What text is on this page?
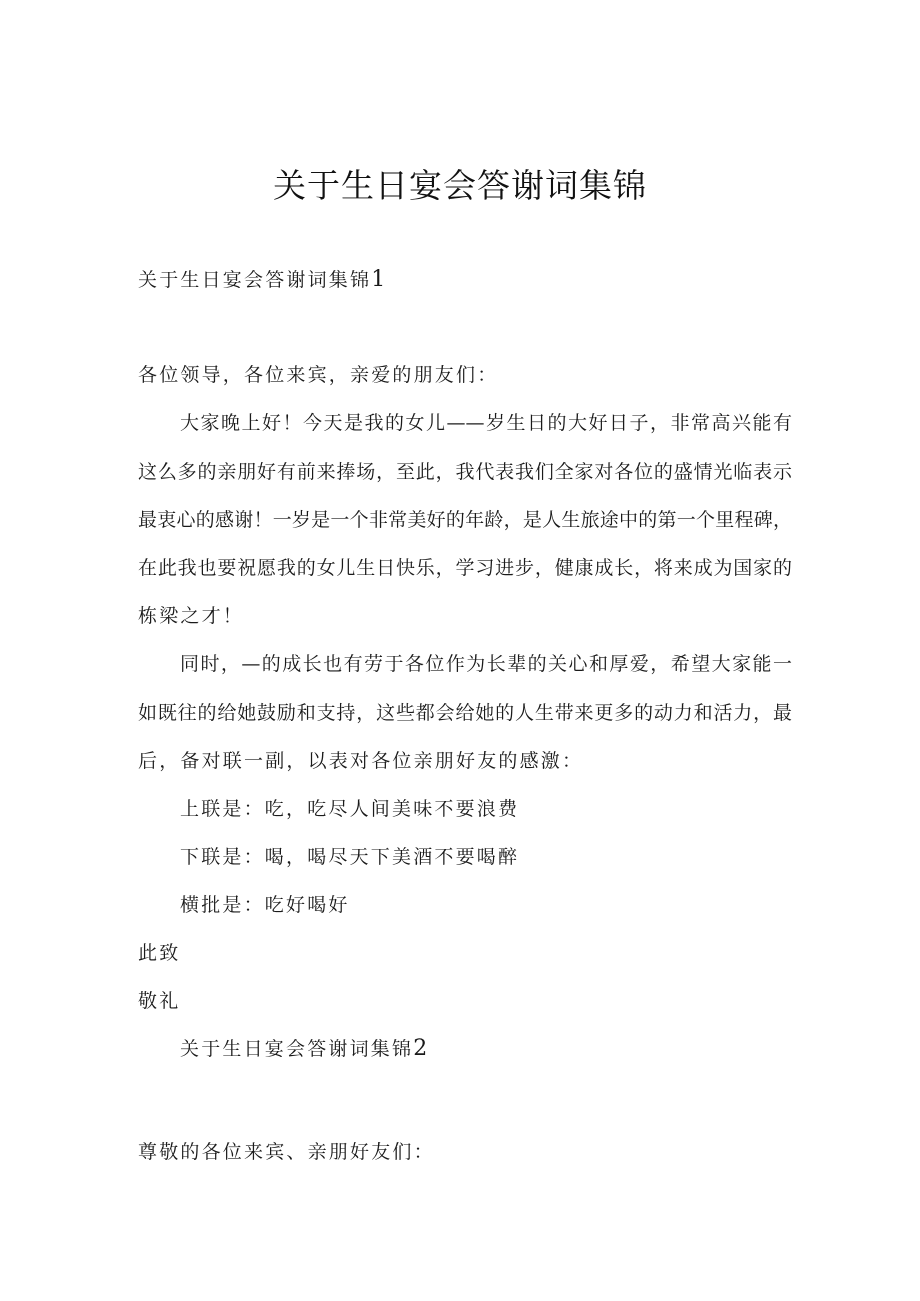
关于生日宴会答谢词集锦
关于生日宴会答谢词集锦1
各位领导，各位来宾，亲爱的朋友们：
大家晚上好！今天是我的女儿——岁生日的大好日子，非常高兴能有
这么多的亲朋好有前来捧场，至此，我代表我们全家对各位的盛情光临表示
最衷心的感谢！一岁是一个非常美好的年龄，是人生旅途中的第一个里程碑，
在此我也要祝愿我的女儿生日快乐，学习进步，健康成长，将来成为国家的
栋梁之才！
同时，—的成长也有劳于各位作为长辈的关心和厚爱，希望大家能一
如既往的给她鼓励和支持，这些都会给她的人生带来更多的动力和活力，最
后，备对联一副，以表对各位亲朋好友的感激：
上联是：吃，吃尽人间美味不要浪费
下联是：喝，喝尽天下美酒不要喝醉
横批是：吃好喝好
此致
敬礼
关于生日宴会答谢词集锦2
尊敬的各位来宾、亲朋好友们：
